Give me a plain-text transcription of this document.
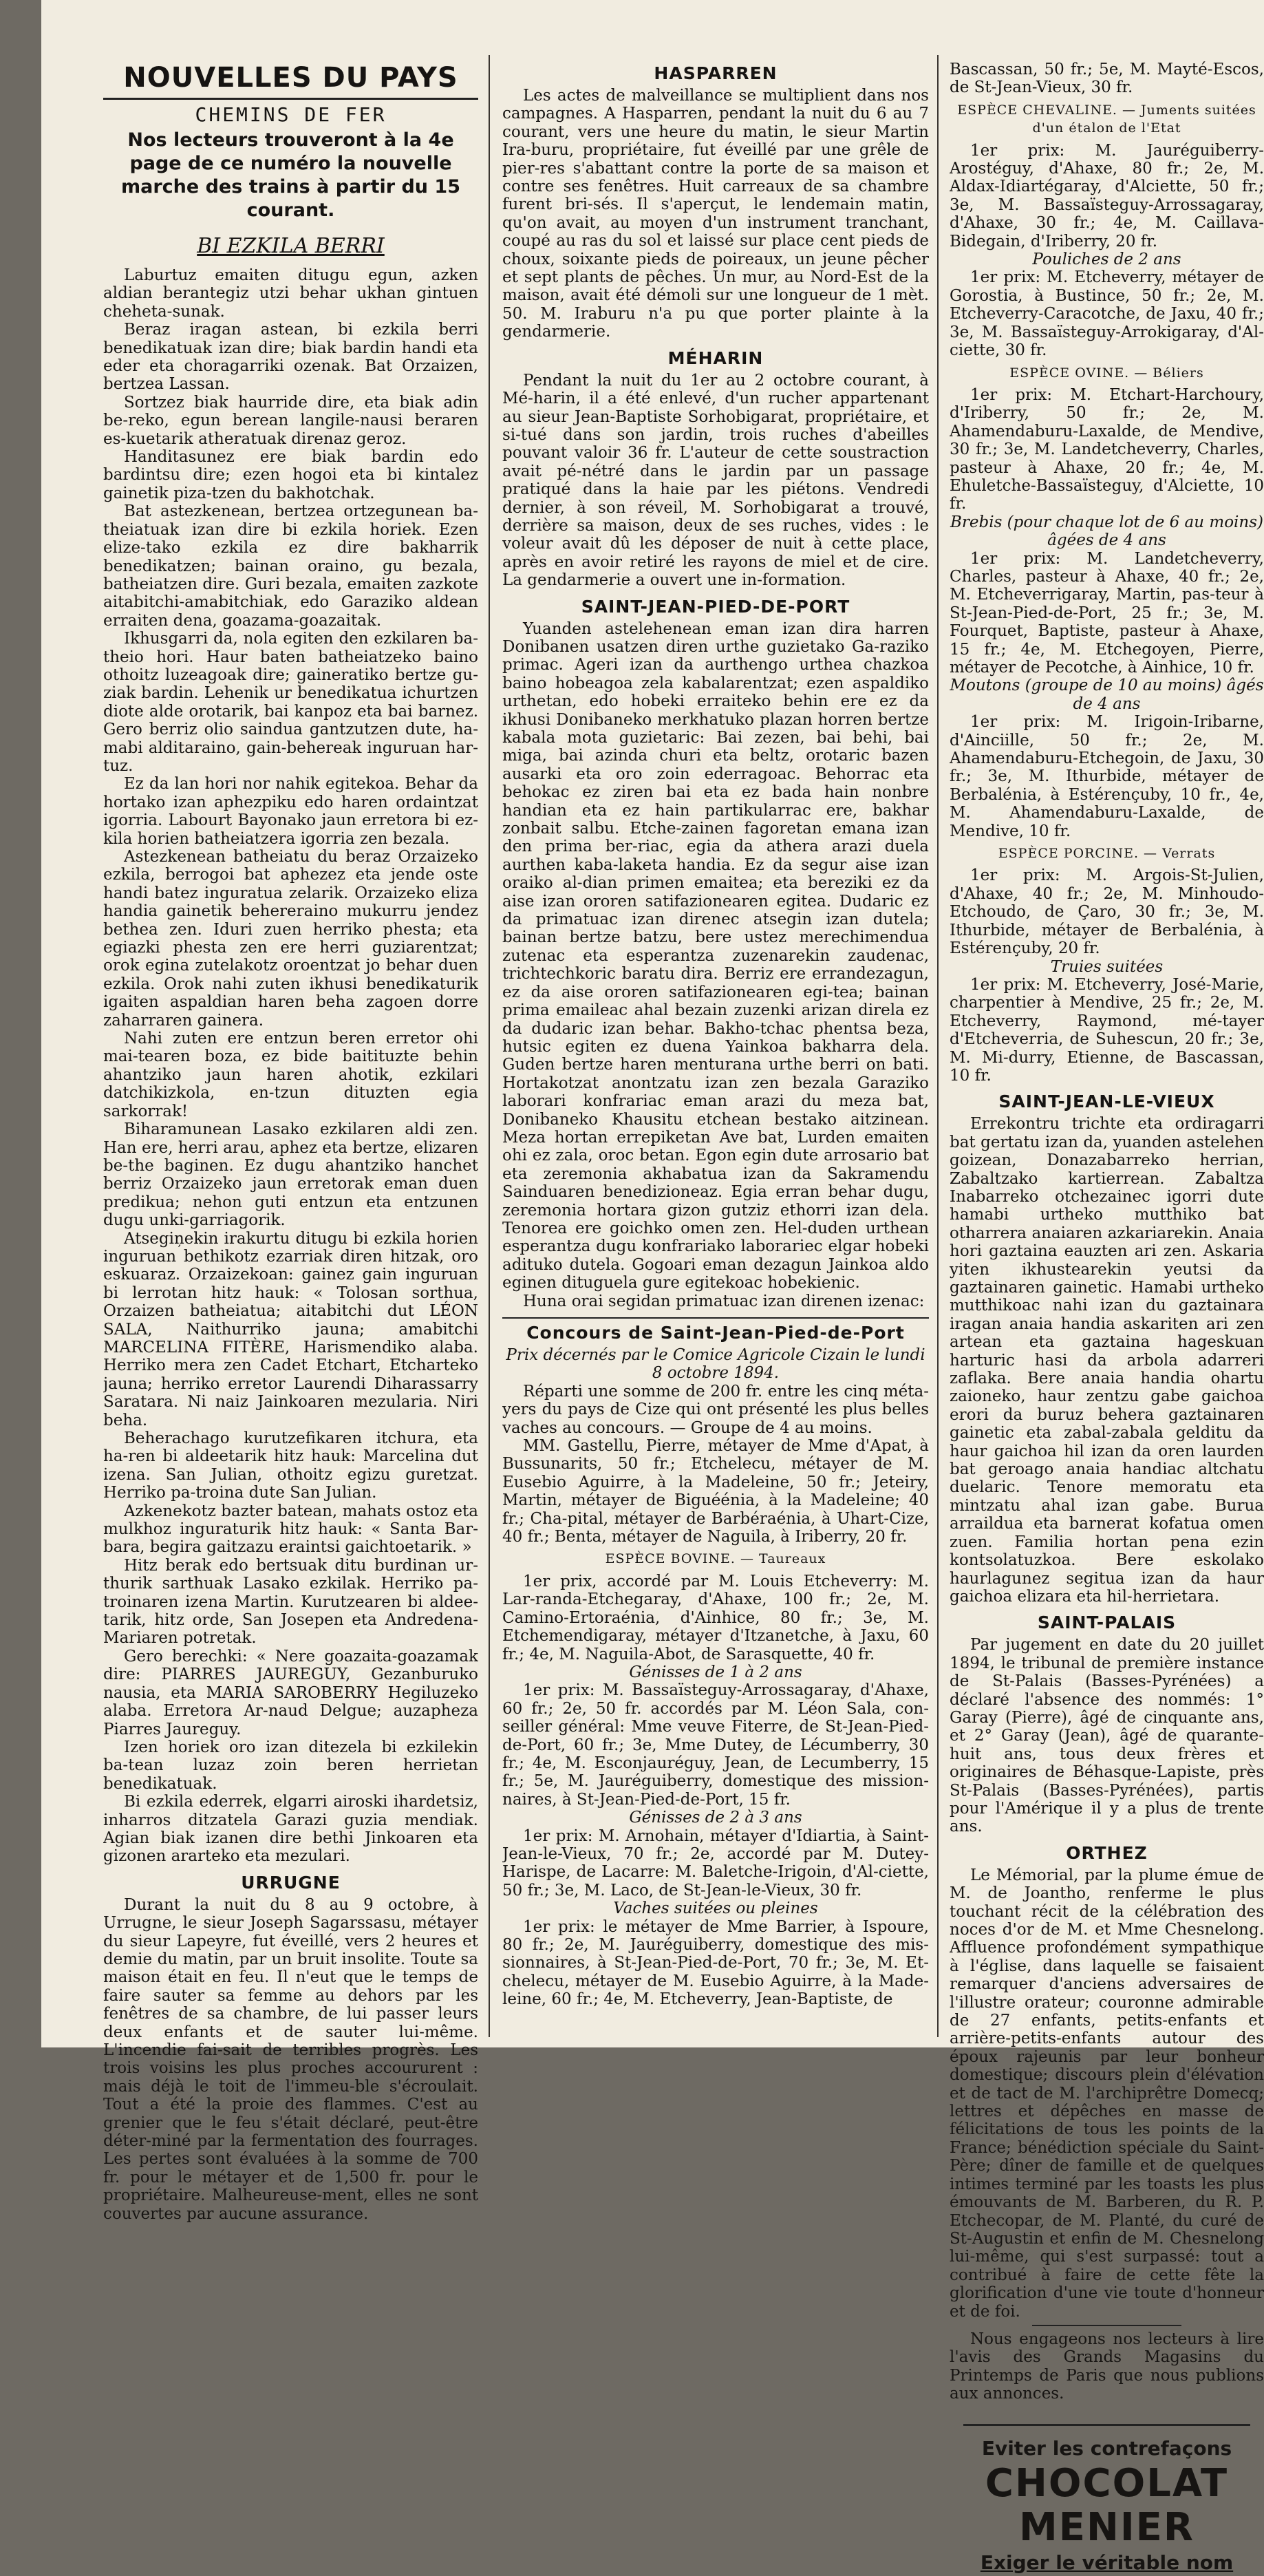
NOUVELLES DU PAYS
CHEMINS DE FER
Nos lecteurs trouveront à la 4e page de ce numéro la nouvelle marche des trains à partir du 15 courant.
BI EZKILA BERRI

Laburtuz emaiten ditugu egun, azken aldian berantegiz utzi behar ukhan gintuen cheheta-sunak.

Beraz iragan astean, bi ezkila berri benedikatuak izan dire; biak bardin handi eta eder eta choragarriki ozenak. Bat Orzaizen, bertzea Lassan.

Sortzez biak haurride dire, eta biak adin be-reko, egun berean langile-nausi beraren es-kuetarik atheratuak direnaz geroz.

Handitasunez ere biak bardin edo bardintsu dire; ezen hogoi eta bi kintalez gainetik piza-tzen du bakhotchak.

Bat astezkenean, bertzea ortzegunean ba-theiatuak izan dire bi ezkila horiek. Ezen elize-tako ezkila ez dire bakharrik benedikatzen; bainan oraino, gu bezala, batheiatzen dire. Guri bezala, emaiten zazkote aitabitchi-amabitchiak, edo Garaziko aldean erraiten dena, goazama-goazaitak.

Ikhusgarri da, nola egiten den ezkilaren ba-theio hori. Haur baten batheiatzeko baino othoitz luzeagoak dire; gaineratiko bertze gu-ziak bardin. Lehenik ur benedikatua ichurtzen diote alde orotarik, bai kanpoz eta bai barnez. Gero berriz olio saindua gantzutzen dute, ha-mabi alditaraino, gain-behereak inguruan har-tuz.

Ez da lan hori nor nahik egitekoa. Behar da hortako izan aphezpiku edo haren ordaintzat igorria. Labourt Bayonako jaun erretora bi ez-kila horien batheiatzera igorria zen bezala.

Astezkenean batheiatu du beraz Orzaizeko ezkila, berrogoi bat aphezez eta jende oste handi batez inguratua zelarik. Orzaizeko eliza handia gainetik behereraino mukurru jendez bethea zen. Iduri zuen herriko phesta; eta egiazki phesta zen ere herri guziarentzat; orok egina zutelakotz oroentzat jo behar duen ezkila. Orok nahi zuten ikhusi benedikaturik igaiten aspaldian haren beha zagoen dorre zaharraren gainera.

Nahi zuten ere entzun beren erretor ohi mai-tearen boza, ez bide baitituzte behin ahantziko jaun haren ahotik, ezkilari datchikizkola, en-tzun dituzten egia sarkorrak!

Biharamunean Lasako ezkilaren aldi zen. Han ere, herri arau, aphez eta bertze, elizaren be-the baginen. Ez dugu ahantziko hanchet berriz Orzaizeko jaun erretorak eman duen predikua; nehon guti entzun eta entzunen dugu unki-garriagorik.

Atsegiņekin irakurtu ditugu bi ezkila horien inguruan bethikotz ezarriak diren hitzak, oro eskuaraz. Orzaizekoan: gainez gain inguruan bi lerrotan hitz hauk: « Tolosan sorthua, Orzaizen batheiatua; aitabitchi dut LÉON SALA, Naithurriko jauna; amabitchi MARCELINA FITÈRE, Harismendiko alaba. Herriko mera zen Cadet Etchart, Etcharteko jauna; herriko erretor Laurendi Diharassarry Saratara. Ni naiz Jainkoaren mezularia. Niri beha.

Beherachago kurutzefikaren itchura, eta ha-ren bi aldeetarik hitz hauk: Marcelina dut izena. San Julian, othoitz egizu guretzat. Herriko pa-troina dute San Julian.

Azkenekotz bazter batean, mahats ostoz eta mulkhoz inguraturik hitz hauk: « Santa Bar-bara, begira gaitzazu eraintsi gaichtoetarik. »

Hitz berak edo bertsuak ditu burdinan ur-thurik sarthuak Lasako ezkilak. Herriko pa-troinaren izena Martin. Kurutzearen bi aldee-tarik, hitz orde, San Josepen eta Andredena-Mariaren potretak.

Gero berechki: « Nere goazaita-goazamak dire: PIARRES JAUREGUY, Gezanburuko nausia, eta MARIA SAROBERRY Hegiluzeko alaba. Erretora Ar-naud Delgue; auzaphezа Piarres Jaureguy.

Izen horiek oro izan ditezela bi ezkilekin ba-tean luzaz zoin beren herrietan benedikatuak.

Bi ezkila ederrek, elgarri airoski ihardetsiz, inharros ditzatela Garazi guzia mendiak. Agian biak izanen dire bethi Jinkoaren eta gizonen ararteko eta mezulari.

URRUGNE

Durant la nuit du 8 au 9 octobre, à Urrugne, le sieur Joseph Sagarssasu, métayer du sieur Lapeyre, fut éveillé, vers 2 heures et demie du matin, par un bruit insolite. Toute sa maison était en feu. Il n'eut que le temps de faire sauter sa femme au dehors par les fenêtres de sa chambre, de lui passer leurs deux enfants et de sauter lui-même. L'incendie fai-sait de terribles progrès. Les trois voisins les plus proches accoururent : mais déjà le toit de l'immeu-ble s'écroulait. Tout a été la proie des flammes. C'est au grenier que le feu s'était déclaré, peut-être déter-miné par la fermentation des fourrages. Les pertes sont évaluées à la somme de 700 fr. pour le métayer et de 1,500 fr. pour le propriétaire. Malheureuse-ment, elles ne sont couvertes par aucune assurance.

HASPARREN

Les actes de malveillance se multiplient dans nos campagnes. A Hasparren, pendant la nuit du 6 au 7 courant, vers une heure du matin, le sieur Martin Ira-buru, propriétaire, fut éveillé par une grêle de pier-res s'abattant contre la porte de sa maison et contre ses fenêtres. Huit carreaux de sa chambre furent bri-sés. Il s'aperçut, le lendemain matin, qu'on avait, au moyen d'un instrument tranchant, coupé au ras du sol et laissé sur place cent pieds de choux, soixante pieds de poireaux, un jeune pêcher et sept plants de pêches. Un mur, au Nord-Est de la maison, avait été démoli sur une longueur de 1 mèt. 50. M. Iraburu n'a pu que porter plainte à la gendarmerie.

MÉHARIN

Pendant la nuit du 1er au 2 octobre courant, à Mé-harin, il a été enlevé, d'un rucher appartenant au sieur Jean-Baptiste Sorhobigarat, propriétaire, et si-tué dans son jardin, trois ruches d'abeilles pouvant valoir 36 fr. L'auteur de cette soustraction avait pé-nétré dans le jardin par un passage pratiqué dans la haie par les piétons. Vendredi dernier, à son réveil, M. Sorhobigarat a trouvé, derrière sa maison, deux de ses ruches, vides : le voleur avait dû les déposer de nuit à cette place, après en avoir retiré les rayons de miel et de cire. La gendarmerie a ouvert une in-formation.

SAINT-JEAN-PIED-DE-PORT

Yuanden astelehenean eman izan dira harren Donibanen usatzen diren urthe guzietako Ga-raziko primac. Ageri izan da aurthengo urthea chazkoa baino hobeagoa zela kabalarentzat; ezen aspaldiko urthetan, edo hobeki erraiteko behin ere ez da ikhusi Donibaneko merkhatuko plazan horren bertze kabala mota guzietaric: Bai zezen, bai behi, bai miga, bai azinda churi eta beltz, orotaric bazen ausarki eta oro zoin ederragoac. Behorrac eta behokac ez ziren bai eta ez bada hain nonbre handian eta ez hain partikularrac ere, bakhar zonbait salbu. Etche-zainen fagoretan emana izan den prima ber-riac, egia da athera arazi duela aurthen kaba-laketa handia. Ez da segur aise izan oraiko al-dian primen emaitea; eta bereziki ez da aise izan ororen satifazionearen egitea. Dudaric ez da primatuac izan direnec atsegin izan dutela; bainan bertze batzu, bere ustez merechimendua zutenac eta esperantza zuzenarekin zaudenac, trichtechkoric baratu dira. Berriz ere errandezagun, ez da aise ororen satifazionearen egi-tea; bainan prima emaileac ahal bezain zuzenki arizan direla ez da dudaric izan behar. Bakho-tchac phentsa beza, hutsic egiten ez duena Yainkoa bakharra dela. Guden bertze haren menturana urthe berri on bati. Hortakotzat anontzatu izan zen bezala Garaziko laborari konfrariac eman arazi du meza bat, Donibaneko Khausitu etchean bestako aitzinean. Meza hortan errepiketan Ave bat, Lurden emaiten ohi ez zala, oroc betan. Egon egin dute arrosario bat eta zeremonia akhabatua izan da Sakramendu Sainduaren benedizioneaz. Egia erran behar dugu, zeremonia hortara gizon gutziz ethorri izan dela. Tenorea ere goichko omen zen. Hel-duden urthean esperantza dugu konfrariako laborariec elgar hobeki adituko dutela. Gogoari eman dezagun Jainkoa aldo eginen dituguela gure egitekoac hobekienic.

Huna orai segidan primatuac izan direnen izenac:

Concours de Saint-Jean-Pied-de-Port

Prix décernés par le Comice Agricole Cizain le lundi 8 octobre 1894.

Réparti une somme de 200 fr. entre les cinq méta-yers du pays de Cize qui ont présenté les plus belles vaches au concours. — Groupe de 4 au moins.

MM. Gastellu, Pierre, métayer de Mme d'Apat, à Bussunarits, 50 fr.; Etchelecu, métayer de M. Eusebio Aguirre, à la Madeleine, 50 fr.; Jeteiry, Martin, métayer de Biguéénia, à la Madeleine; 40 fr.; Cha-pital, métayer de Barbéraénia, à Uhart-Cize, 40 fr.; Benta, métayer de Naguila, à Iriberry, 20 fr.

ESPÈCE BOVINE. — Taureaux

1er prix, accordé par M. Louis Etcheverry: M. Lar-randa-Etchegaray, d'Ahaxe, 100 fr.; 2e, M. Camino-Ertoraénia, d'Ainhice, 80 fr.; 3e, M. Etchemendigaray, métayer d'Itzanetche, à Jaxu, 60 fr.; 4e, M. Naguila-Abot, de Sarasquette, 40 fr.

Génisses de 1 à 2 ans

1er prix: M. Bassaïsteguy-Arrossagaray, d'Ahaxe, 60 fr.; 2e, 50 fr. accordés par M. Léon Sala, con-seiller général: Mme veuve Fiterre, de St-Jean-Pied-de-Port, 60 fr.; 3e, Mme Dutey, de Lécumberry, 30 fr.; 4e, M. Esconjauréguy, Jean, de Lecumberry, 15 fr.; 5e, M. Jauréguiberry, domestique des mission-naires, à St-Jean-Pied-de-Port, 15 fr.

Génisses de 2 à 3 ans

1er prix: M. Arnohain, métayer d'Idiartia, à Saint-Jean-le-Vieux, 70 fr.; 2e, accordé par M. Dutey-Harispe, de Lacarre: M. Baletche-Irigoin, d'Al-ciette, 50 fr.; 3e, M. Laco, de St-Jean-le-Vieux, 30 fr.

Vaches suitées ou pleines

1er prix: le métayer de Mme Barrier, à Ispoure, 80 fr.; 2e, M. Jauréguiberry, domestique des mis-sionnaires, à St-Jean-Pied-de-Port, 70 fr.; 3e, M. Et-chelecu, métayer de M. Eusebio Aguirre, à la Made-leine, 60 fr.; 4e, M. Etcheverry, Jean-Baptiste, de

Bascassan, 50 fr.; 5e, M. Mayté-Escos, de St-Jean-Vieux, 30 fr.

ESPÈCE CHEVALINE. — Juments suitées d'un étalon de l'Etat

1er prix: M. Jauréguiberry-Arostéguy, d'Ahaxe, 80 fr.; 2e, M. Aldax-Idiartégaray, d'Alciette, 50 fr.; 3e, M. Bassaïsteguy-Arrossagaray, d'Ahaxe, 30 fr.; 4e, M. Caillava-Bidegain, d'Iriberry, 20 fr.

Pouliches de 2 ans

1er prix: M. Etcheverry, métayer de Gorostia, à Bustince, 50 fr.; 2e, M. Etcheverry-Caracotche, de Jaxu, 40 fr.; 3e, M. Bassaïsteguy-Arrokigaray, d'Al-ciette, 30 fr.

ESPÈCE OVINE. — Béliers

1er prix: M. Etchart-Harchoury, d'Iriberry, 50 fr.; 2e, M. Ahamendaburu-Laxalde, de Mendive, 30 fr.; 3e, M. Landetcheverry, Charles, pasteur à Ahaxe, 20 fr.; 4e, M. Ehuletche-Bassaïsteguy, d'Alciette, 10 fr.

Brebis (pour chaque lot de 6 au moins) âgées de 4 ans

1er prix: M. Landetcheverry, Charles, pasteur à Ahaxe, 40 fr.; 2e, M. Etcheverrigaray, Martin, pas-teur à St-Jean-Pied-de-Port, 25 fr.; 3e, M. Fourquet, Baptiste, pasteur à Ahaxe, 15 fr.; 4e, M. Etchegoyen, Pierre, métayer de Pecotche, à Ainhice, 10 fr.

Moutons (groupe de 10 au moins) âgés de 4 ans

1er prix: M. Irigoin-Iribarne, d'Ainciille, 50 fr.; 2e, M. Ahamendaburu-Etchegoin, de Jaxu, 30 fr.; 3e, M. Ithurbide, métayer de Berbalénia, à Estérençuby, 10 fr., 4e, M. Ahamendaburu-Laxalde, de Mendive, 10 fr.

ESPÈCE PORCINE. — Verrats

1er prix: M. Argois-St-Julien, d'Ahaxe, 40 fr.; 2e, M. Minhoudo-Etchoudo, de Çaro, 30 fr.; 3e, M. Ithurbide, métayer de Berbalénia, à Estérençuby, 20 fr.

Truies suitées

1er prix: M. Etcheverry, José-Marie, charpentier à Mendive, 25 fr.; 2e, M. Etcheverry, Raymond, mé-tayer d'Etcheverria, de Suhescun, 20 fr.; 3e, M. Mi-durry, Etienne, de Bascassan, 10 fr.

SAINT-JEAN-LE-VIEUX

Errekontru trichte eta ordiragarri bat gertatu izan da, yuanden astelehen goizean, Donazabarreko herrian, Zabaltzako kartierrean. Zabaltza Inabarreko otchezainec igorri dute hamabi urtheko mutthiko bat otharrera anaiaren azkariarekin. Anaia hori gaztaina eauzten ari zen. Askaria yiten ikhustearekin yeutsi da gaztainaren gainetic. Hamabi urtheko mutthikoac nahi izan du gaztainara iragan anaia handia askariten ari zen artean eta gaztaina hageskuan harturic hasi da arbola adarreri zaflaka. Bere anaia handia ohartu zaioneko, haur zentzu gabe gaichoa erori da buruz behera gaztainaren gainetic eta zabal-zabala gelditu da haur gaichoa hil izan da oren laurden bat geroago anaia handiac altchatu duelaric. Tenore memoratu eta mintzatu ahal izan gabe. Burua arraildua eta barnerat kofatua omen zuen. Familia hortan pena ezin kontsolatuzkoa. Bere eskolako haurlagunez segitua izan da haur gaichoa elizara eta hil-herrietara.

SAINT-PALAIS

Par jugement en date du 20 juillet 1894, le tribunal de première instance de St-Palais (Basses-Pyrénées) a déclaré l'absence des nommés: 1° Garay (Pierre), âgé de cinquante ans, et 2° Garay (Jean), âgé de quarante-huit ans, tous deux frères et originaires de Béhasque-Lapiste, près St-Palais (Basses-Pyrénées), partis pour l'Amérique il y a plus de trente ans.

ORTHEZ

Le Mémorial, par la plume émue de M. de Joantho, renferme le plus touchant récit de la célébration des noces d'or de M. et Mme Chesnelong. Affluence profondément sympathique à l'église, dans laquelle se faisaient remarquer d'anciens adversaires de l'illustre orateur; couronne admirable de 27 enfants, petits-enfants et arrière-petits-enfants autour des époux rajeunis par leur bonheur domestique; discours plein d'élévation et de tact de M. l'archiprêtre Domecq; lettres et dépêches en masse de félicitations de tous les points de la France; bénédiction spéciale du Saint-Père; dîner de famille et de quelques intimes terminé par les toasts les plus émouvants de M. Barberen, du R. P. Etchecopar, de M. Planté, du curé de St-Augustin et enfin de M. Chesnelong lui-même, qui s'est surpassé: tout a contribué à faire de cette fête la glorification d'une vie toute d'honneur et de foi.

Nous engageons nos lecteurs à lire l'avis des Grands Magasins du Printemps de Paris que nous publions aux annonces.

Eviter les contrefaçons
CHOCOLAT
MENIER
Exiger le véritable nom
